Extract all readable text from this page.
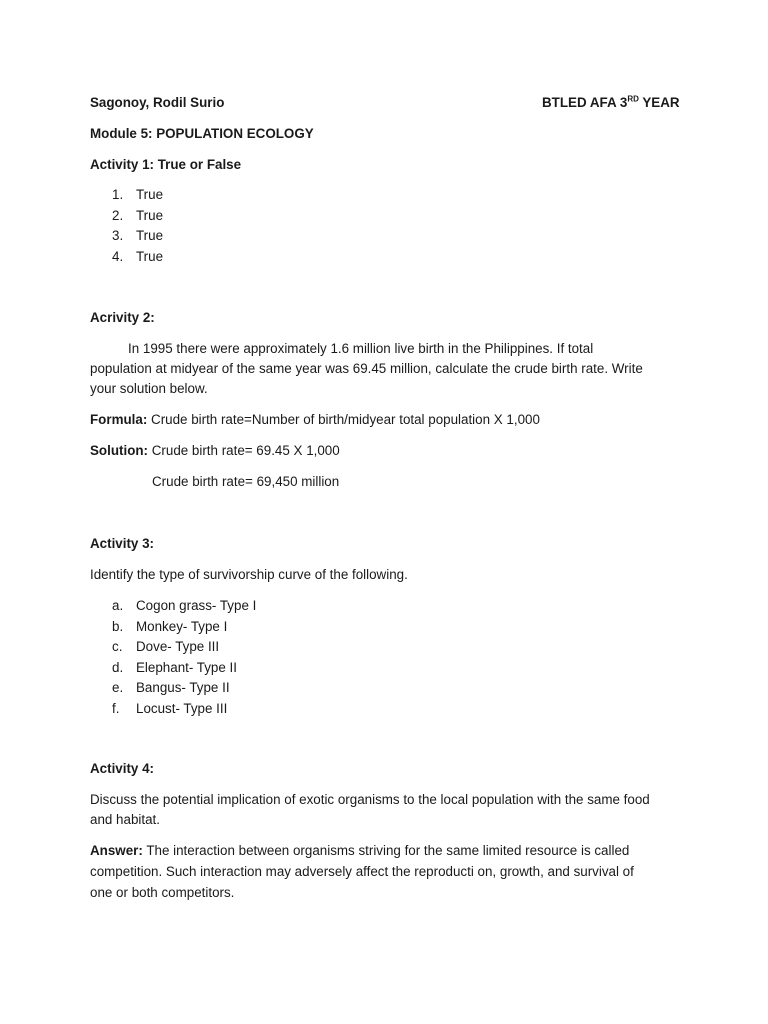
Sagonoy, Rodil Surio	BTLED AFA 3RD YEAR
Module 5: POPULATION ECOLOGY
Activity 1: True or False
1. True
2. True
3. True
4. True
Acrivity 2:
In 1995 there were approximately 1.6 million live birth in the Philippines. If total
population at midyear of the same year was 69.45 million, calculate the crude birth rate. Write
your solution below.
Formula: Crude birth rate=Number of birth/midyear total population X 1,000
Solution: Crude birth rate= 69.45 X 1,000
Crude birth rate= 69,450 million
Activity 3:
Identify the type of survivorship curve of the following.
a. Cogon grass- Type I
b. Monkey- Type I
c. Dove- Type III
d. Elephant- Type II
e. Bangus- Type II
f. Locust- Type III
Activity 4:
Discuss the potential implication of exotic organisms to the local population with the same food
and habitat.
Answer: The interaction between organisms striving for the same limited resource is called
competition. Such interaction may adversely affect the reproducti on, growth, and survival of
one or both competitors.
